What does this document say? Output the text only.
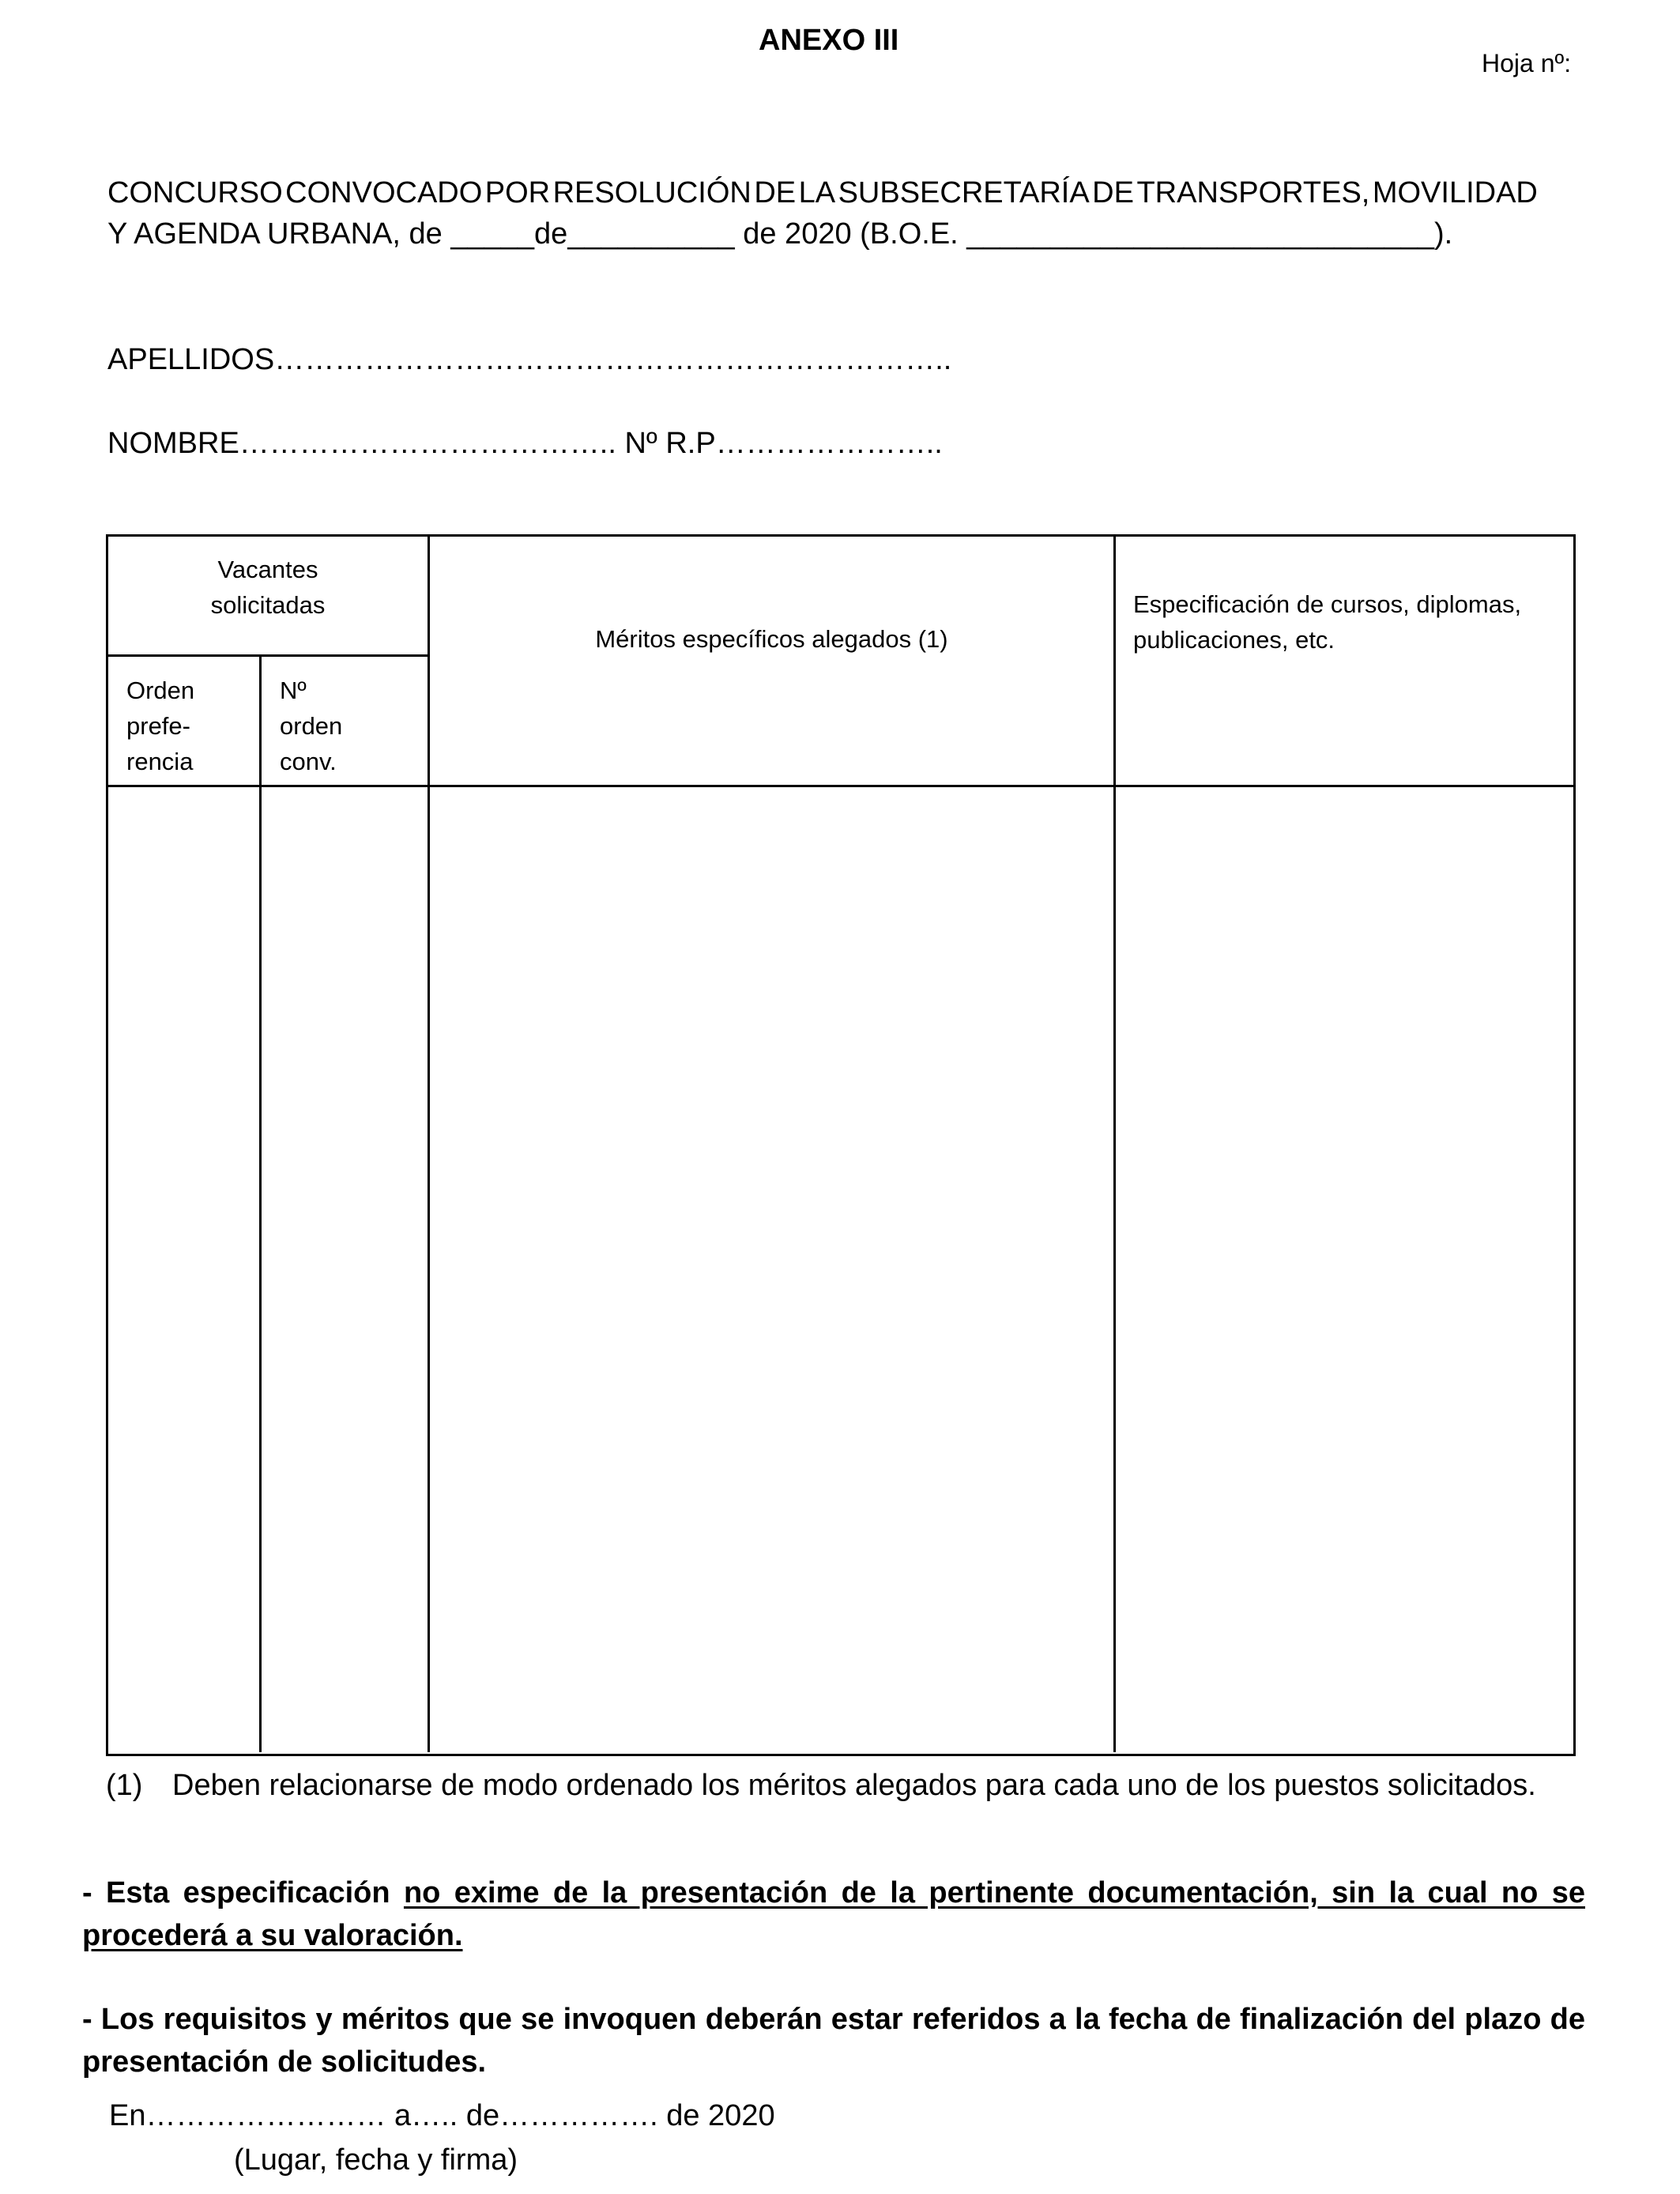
ANEXO III
Hoja nº:
CONCURSO CONVOCADO POR RESOLUCIÓN DE LA SUBSECRETARÍA DE TRANSPORTES, MOVILIDAD
Y AGENDA URBANA, de _____de__________ de 2020 (B.O.E. ____________________________).
APELLIDOS…………………………………………………………..
NOMBRE……………………………….. Nº R.P…………………..
Vacantes
solicitadas
Orden
prefe-
rencia
Nº
orden
conv.
Méritos específicos alegados (1)
Especificación de cursos, diplomas,
publicaciones, etc.
(1) Deben relacionarse de modo ordenado los méritos alegados para cada uno de los puestos solicitados.

- Esta especificación no exime de la presentación de la pertinente documentación, sin la cual no se procederá a su valoración.

- Los requisitos y méritos que se invoquen deberán estar referidos a la fecha de finalización del plazo de presentación de solicitudes.

En…………………… a….. de……………. de 2020
(Lugar, fecha y firma)
